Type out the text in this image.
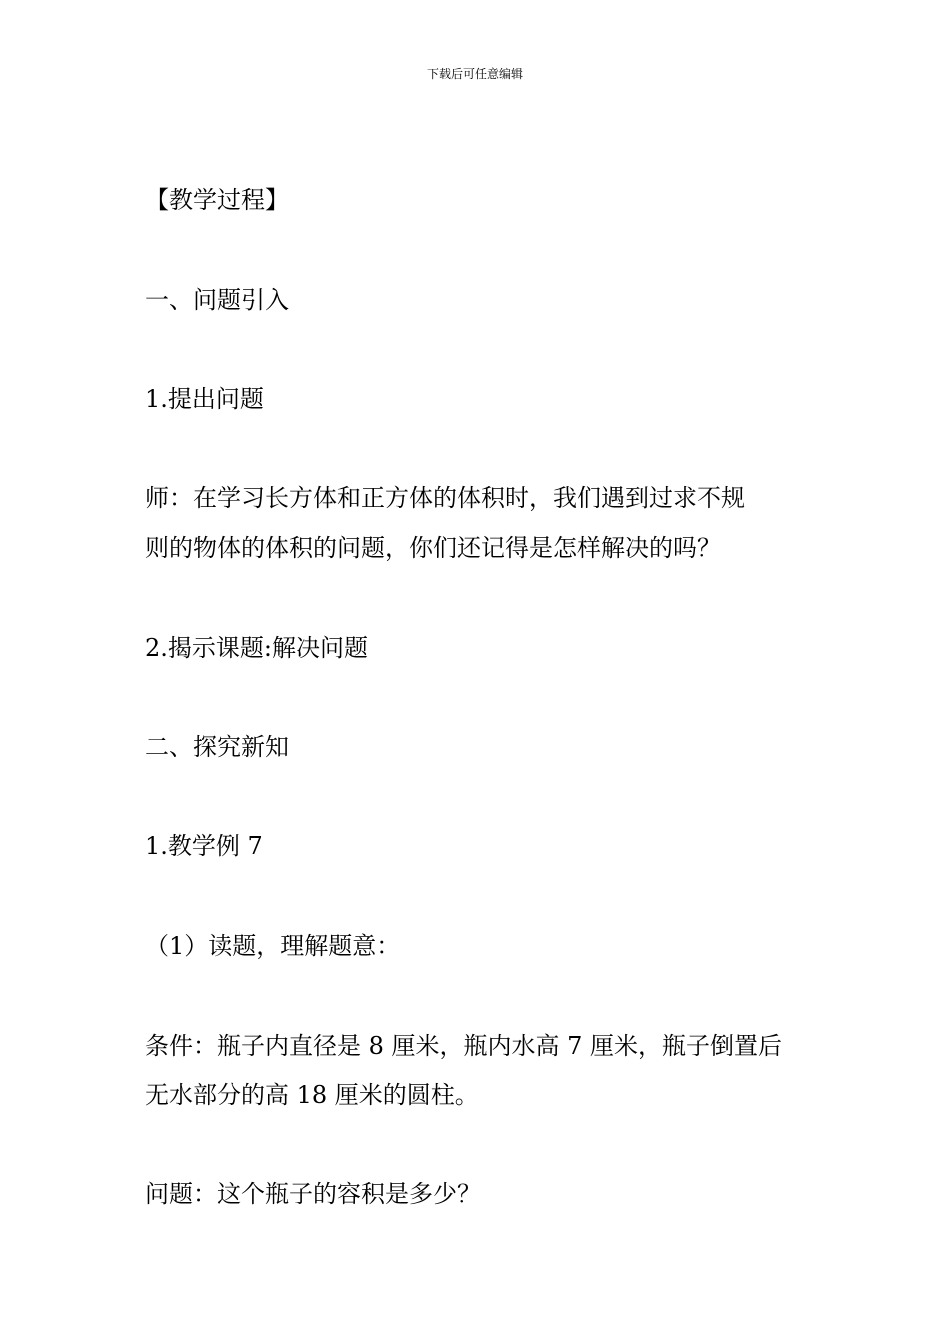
下载后可任意编辑

【教学过程】

一、问题引入

1.提出问题

师：在学习长方体和正方体的体积时，我们遇到过求不规

则的物体的体积的问题，你们还记得是怎样解决的吗？

2.揭示课题:解决问题

二、探究新知

1.教学例 7

（1）读题，理解题意：

条件：瓶子内直径是 8 厘米，瓶内水高 7 厘米，瓶子倒置后

无水部分的高 18 厘米的圆柱。

问题：这个瓶子的容积是多少？
